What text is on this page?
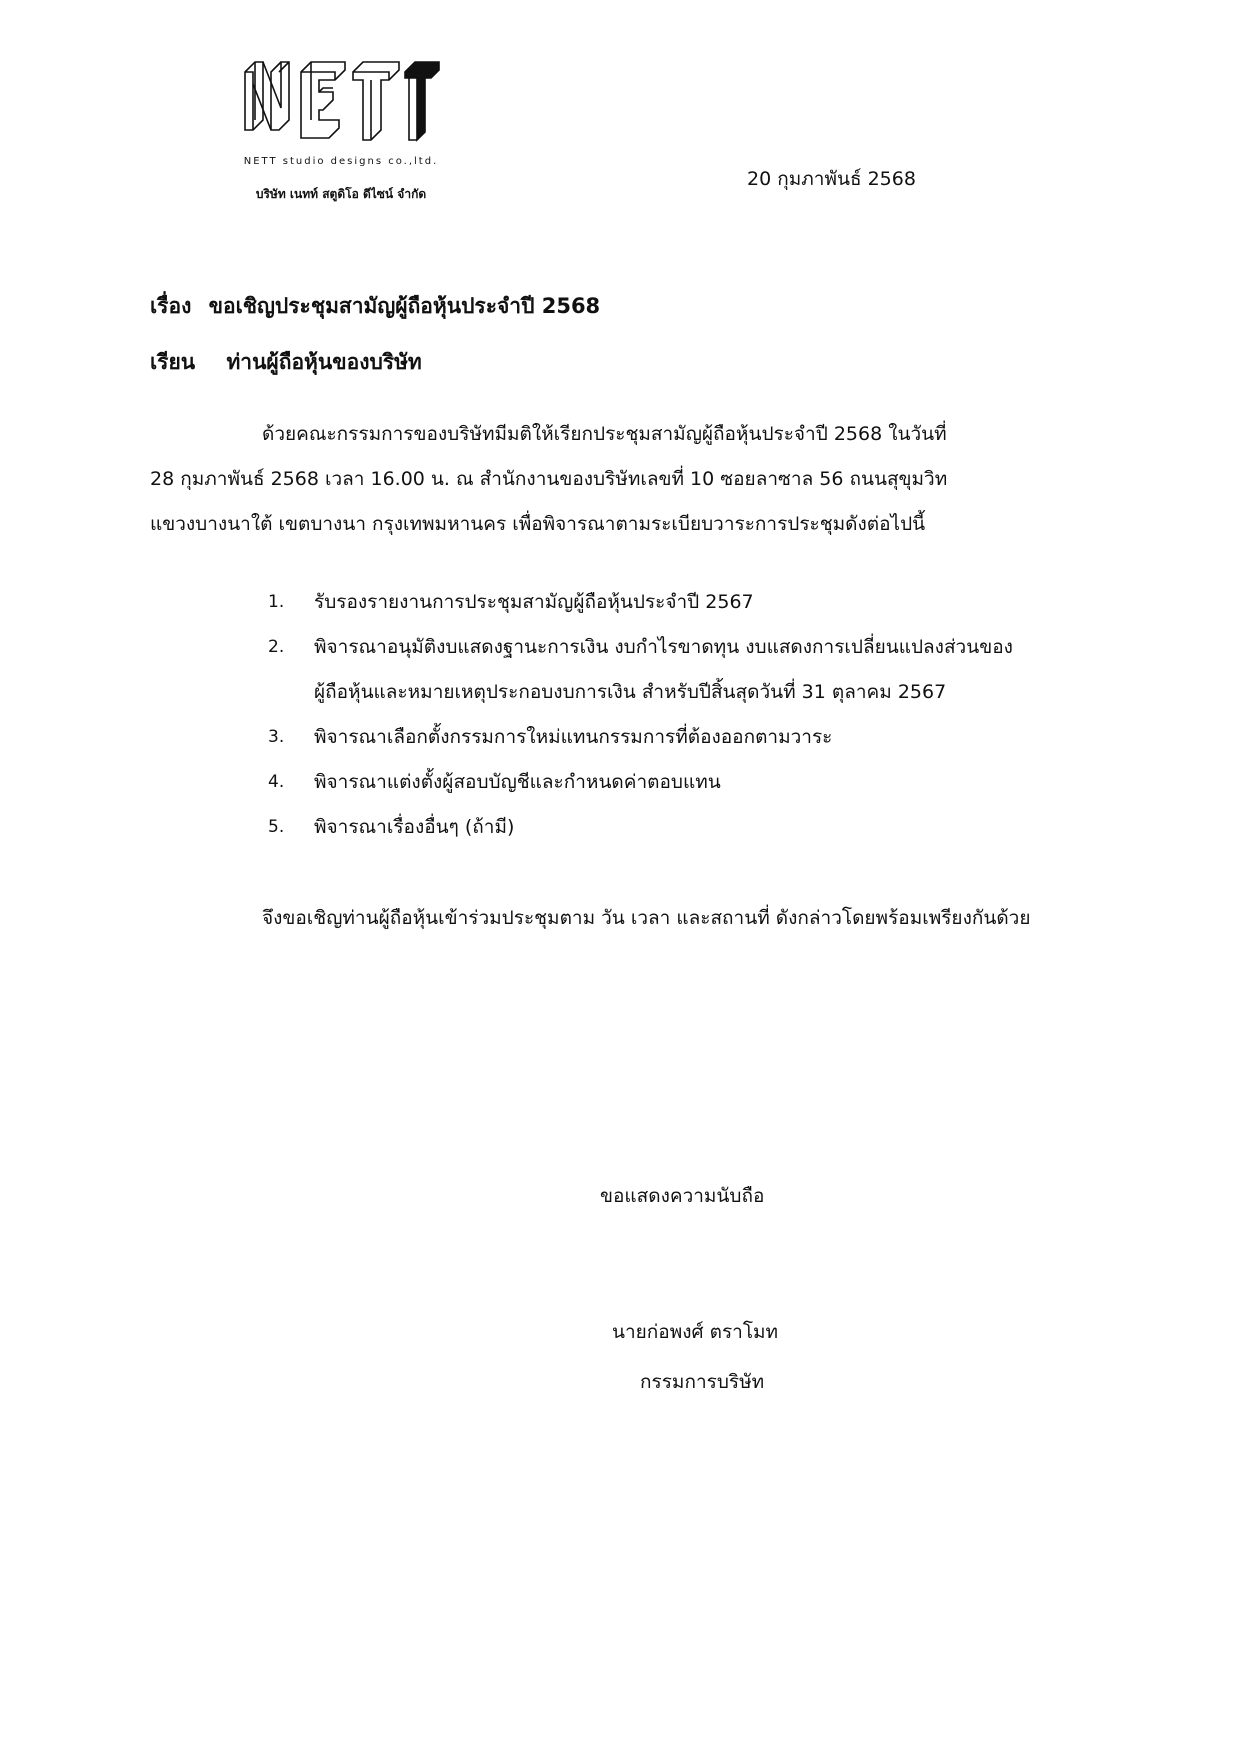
NETT studio designs co.,ltd.
บริษัท เนทท์ สตูดิโอ ดีไซน์ จำกัด
20 กุมภาพันธ์ 2568
เรื่อง ขอเชิญประชุมสามัญผู้ถือหุ้นประจำปี 2568
เรียน ท่านผู้ถือหุ้นของบริษัท
ด้วยคณะกรรมการของบริษัทมีมติให้เรียกประชุมสามัญผู้ถือหุ้นประจำปี 2568 ในวันที่
28 กุมภาพันธ์ 2568 เวลา 16.00 น. ณ สำนักงานของบริษัทเลขที่ 10 ซอยลาซาล 56 ถนนสุขุมวิท
แขวงบางนาใต้ เขตบางนา กรุงเทพมหานคร เพื่อพิจารณาตามระเบียบวาระการประชุมดังต่อไปนี้
1. รับรองรายงานการประชุมสามัญผู้ถือหุ้นประจำปี 2567
2. พิจารณาอนุมัติงบแสดงฐานะการเงิน งบกำไรขาดทุน งบแสดงการเปลี่ยนแปลงส่วนของ
ผู้ถือหุ้นและหมายเหตุประกอบงบการเงิน สำหรับปีสิ้นสุดวันที่ 31 ตุลาคม 2567
3. พิจารณาเลือกตั้งกรรมการใหม่แทนกรรมการที่ต้องออกตามวาระ
4. พิจารณาแต่งตั้งผู้สอบบัญชีและกำหนดค่าตอบแทน
5. พิจารณาเรื่องอื่นๆ (ถ้ามี)
จึงขอเชิญท่านผู้ถือหุ้นเข้าร่วมประชุมตาม วัน เวลา และสถานที่ ดังกล่าวโดยพร้อมเพรียงกันด้วย
ขอแสดงความนับถือ
นายก่อพงศ์ ตราโมท
กรรมการบริษัท
